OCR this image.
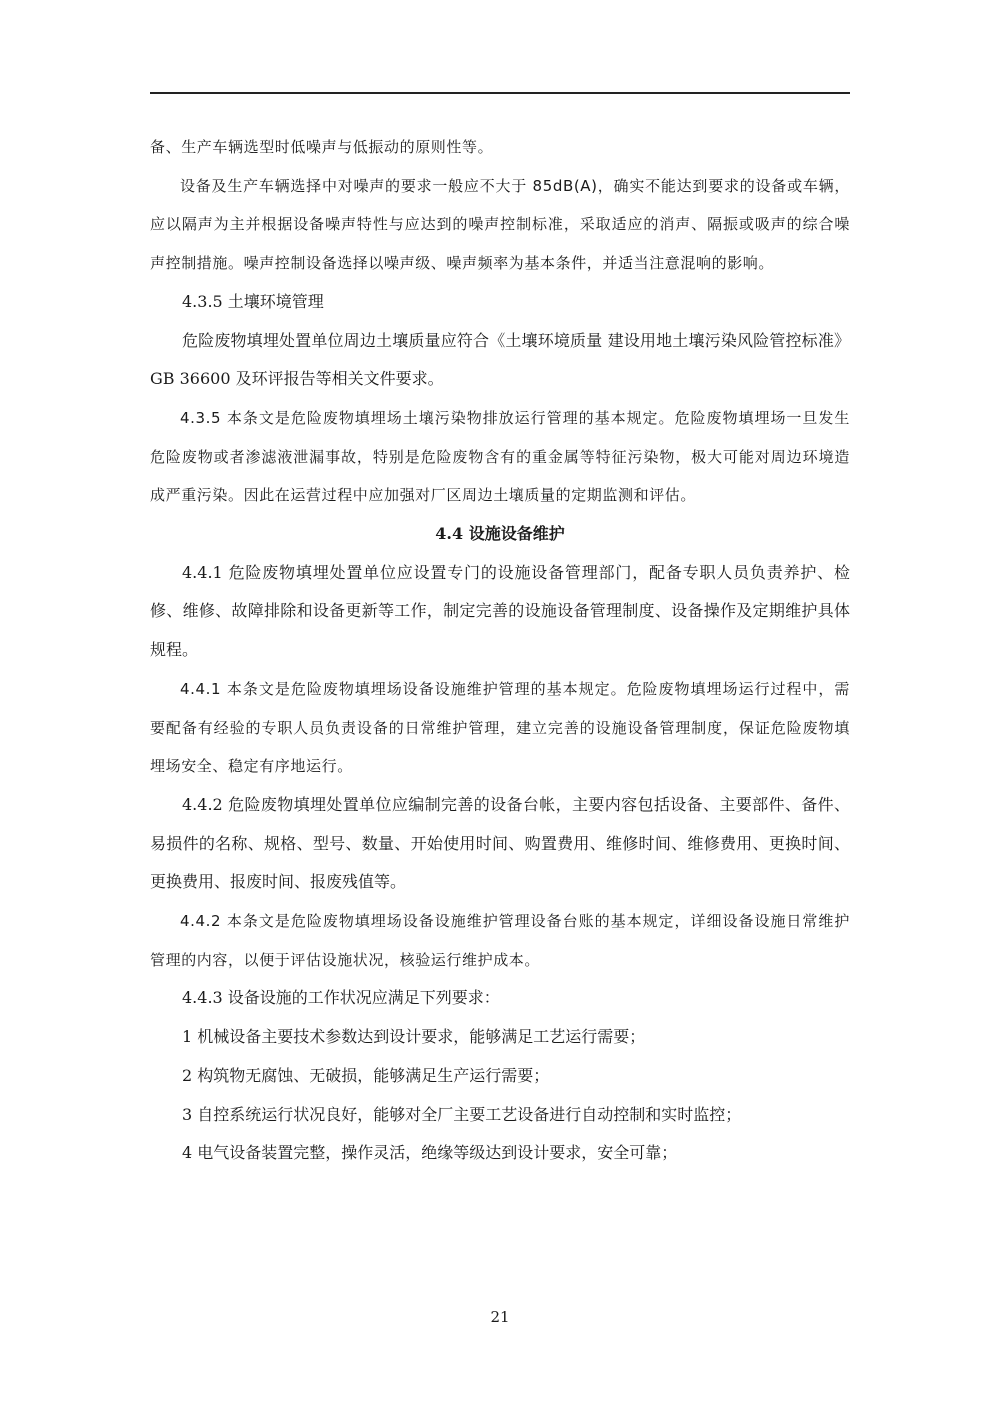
备、生产车辆选型时低噪声与低振动的原则性等。

设备及生产车辆选择中对噪声的要求一般应不大于 85dB(A)，确实不能达到要求的设备或车辆，应以隔声为主并根据设备噪声特性与应达到的噪声控制标准，采取适应的消声、隔振或吸声的综合噪声控制措施。噪声控制设备选择以噪声级、噪声频率为基本条件，并适当注意混响的影响。

4.3.5 土壤环境管理

危险废物填埋处置单位周边土壤质量应符合《土壤环境质量 建设用地土壤污染风险管控标准》GB 36600 及环评报告等相关文件要求。

4.3.5 本条文是危险废物填埋场土壤污染物排放运行管理的基本规定。危险废物填埋场一旦发生危险废物或者渗滤液泄漏事故，特别是危险废物含有的重金属等特征污染物，极大可能对周边环境造成严重污染。因此在运营过程中应加强对厂区周边土壤质量的定期监测和评估。

4.4 设施设备维护

4.4.1 危险废物填埋处置单位应设置专门的设施设备管理部门，配备专职人员负责养护、检修、维修、故障排除和设备更新等工作，制定完善的设施设备管理制度、设备操作及定期维护具体规程。

4.4.1 本条文是危险废物填埋场设备设施维护管理的基本规定。危险废物填埋场运行过程中，需要配备有经验的专职人员负责设备的日常维护管理，建立完善的设施设备管理制度，保证危险废物填埋场安全、稳定有序地运行。

4.4.2 危险废物填埋处置单位应编制完善的设备台帐，主要内容包括设备、主要部件、备件、易损件的名称、规格、型号、数量、开始使用时间、购置费用、维修时间、维修费用、更换时间、更换费用、报废时间、报废残值等。

4.4.2 本条文是危险废物填埋场设备设施维护管理设备台账的基本规定，详细设备设施日常维护管理的内容，以便于评估设施状况，核验运行维护成本。

4.4.3 设备设施的工作状况应满足下列要求：

1 机械设备主要技术参数达到设计要求，能够满足工艺运行需要；

2 构筑物无腐蚀、无破损，能够满足生产运行需要；

3 自控系统运行状况良好，能够对全厂主要工艺设备进行自动控制和实时监控；

4 电气设备装置完整，操作灵活，绝缘等级达到设计要求，安全可靠；

21
